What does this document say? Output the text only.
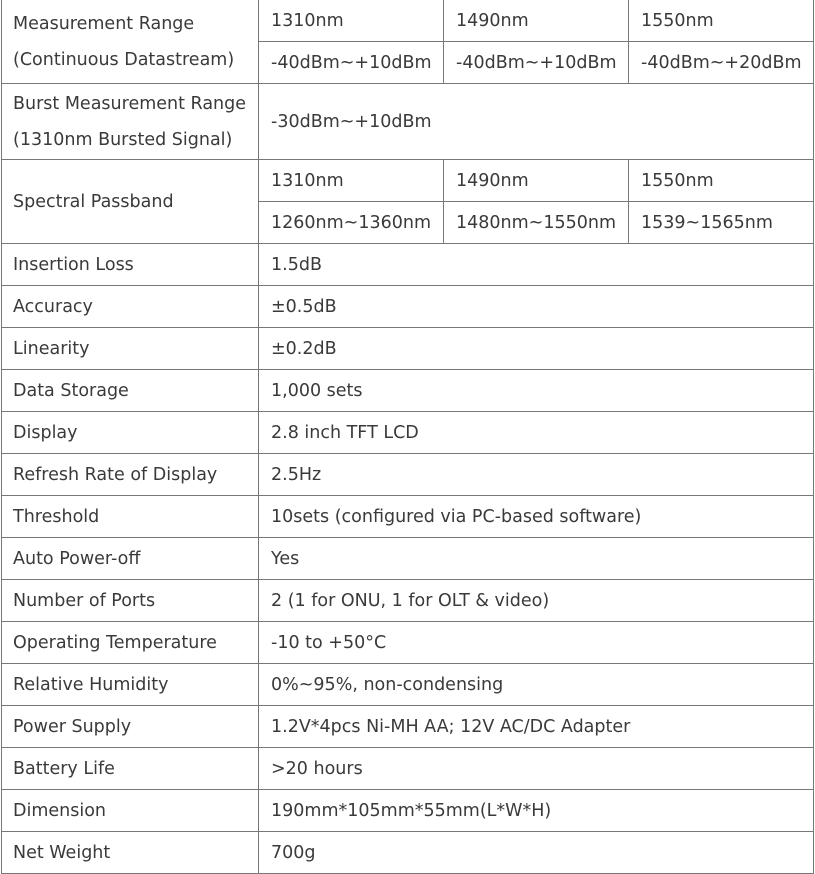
Measurement Range
(Continuous Datastream)	1310nm	1490nm	1550nm
	-40dBm~+10dBm	-40dBm~+10dBm	-40dBm~+20dBm

Burst Measurement Range
(1310nm Bursted Signal)	-30dBm~+10dBm		
Spectral Passband	1310nm	1490nm	1550nm
	1260nm~1360nm	1480nm~1550nm	1539~1565nm
Insertion Loss	1.5dB		
Accuracy	±0.5dB		
Linearity	±0.2dB		
Data Storage	1,000 sets		
Display	2.8 inch TFT LCD		
Refresh Rate of Display	2.5Hz		
Threshold	10sets (configured via PC-based software)		
Auto Power-off	Yes		
Number of Ports	2 (1 for ONU, 1 for OLT & video)		
Operating Temperature	-10 to +50°C		
Relative Humidity	0%~95%, non-condensing		
Power Supply	1.2V*4pcs Ni-MH AA; 12V AC/DC Adapter		
Battery Life	>20 hours		
Dimension	190mm*105mm*55mm(L*W*H)		
Net Weight	700g		
